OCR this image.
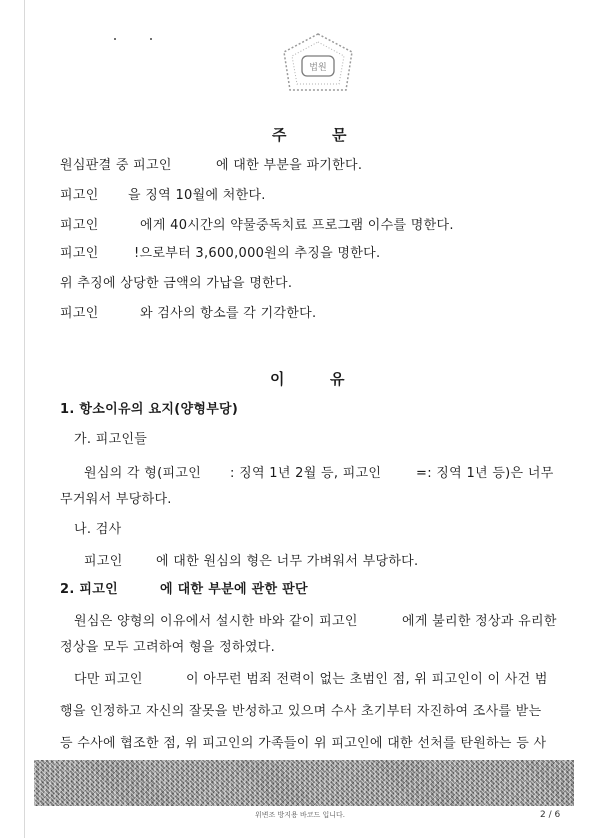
법원
주	문
원심판결 중 피고인	에 대한 부분을 파기한다.
피고인 을 징역 10월에 처한다.
피고인	에게 40시간의 약물중독치료 프로그램 이수를 명한다.
피고인	!으로부터 3,600,000원의 추징을 명한다.
위 추징에 상당한 금액의 가납을 명한다.
피고인	와 검사의 항소를 각 기각한다.
이	유
1. 항소이유의 요지(양형부당)
가. 피고인들
원심의 각 형(피고인 : 징역 1년 2월 등, 피고인	=: 징역 1년 등)은 너무
무거워서 부당하다.
나. 검사
피고인	에 대한 원심의 형은 너무 가벼워서 부당하다.
2. 피고인	에 대한 부분에 관한 판단
원심은 양형의 이유에서 설시한 바와 같이 피고인	에게 불리한 정상과 유리한
정상을 모두 고려하여 형을 정하였다.
다만 피고인	이 아무런 범죄 전력이 없는 초범인 점, 위 피고인이 이 사건 범
행을 인정하고 자신의 잘못을 반성하고 있으며 수사 초기부터 자진하여 조사를 받는
등 수사에 협조한 점, 위 피고인의 가족들이 위 피고인에 대한 선처를 탄원하는 등 사
위변조 방지용 바코드 입니다.	2 / 6
